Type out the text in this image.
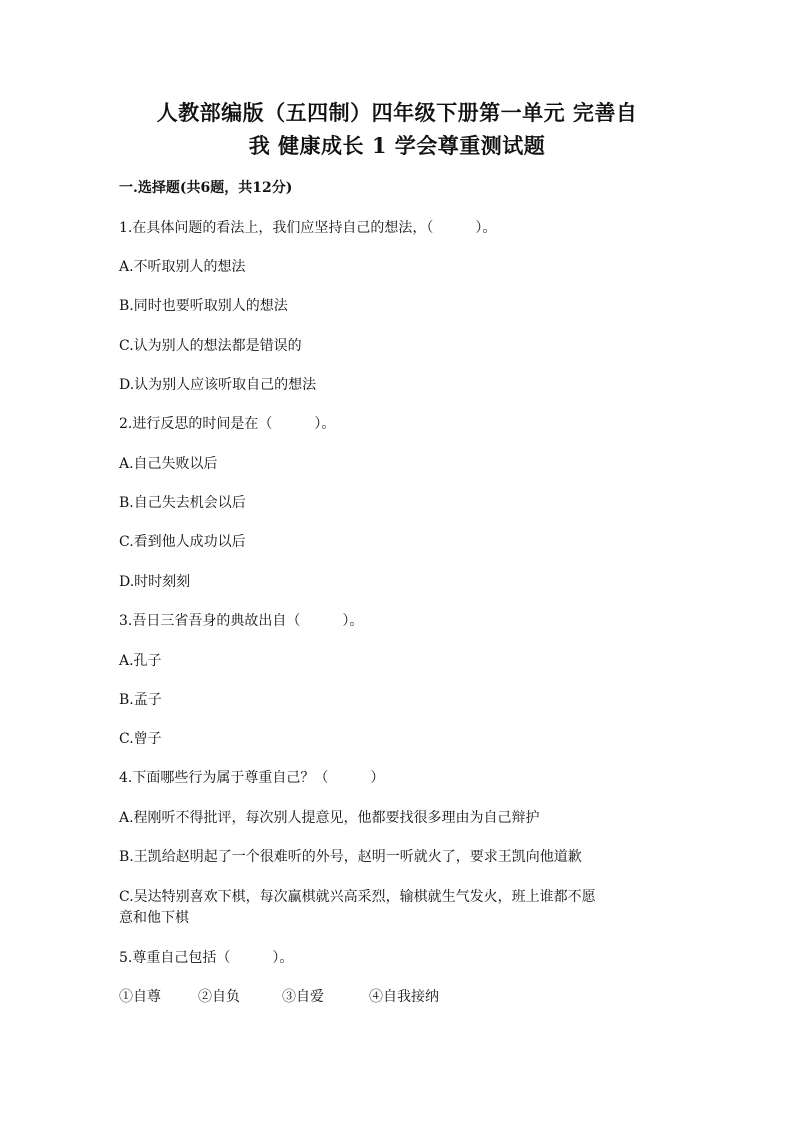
人教部编版（五四制）四年级下册第一单元 完善自
我 健康成长 1 学会尊重测试题
一.选择题(共6题，共12分)
1.在具体问题的看法上，我们应坚持自己的想法，（　　　）。
A.不听取别人的想法
B.同时也要听取别人的想法
C.认为别人的想法都是错误的
D.认为别人应该听取自己的想法
2.进行反思的时间是在（　　　）。
A.自己失败以后
B.自己失去机会以后
C.看到他人成功以后
D.时时刻刻
3.吾日三省吾身的典故出自（　　　）。
A.孔子
B.孟子
C.曾子
4.下面哪些行为属于尊重自己？（　　　）
A.程刚听不得批评，每次别人提意见，他都要找很多理由为自己辩护
B.王凯给赵明起了一个很难听的外号，赵明一听就火了，要求王凯向他道歉
C.吴达特别喜欢下棋，每次赢棋就兴高采烈，输棋就生气发火，班上谁都不愿
意和他下棋
5.尊重自己包括（　　　）。
①自尊	②自负	③自爱	④自我接纳
